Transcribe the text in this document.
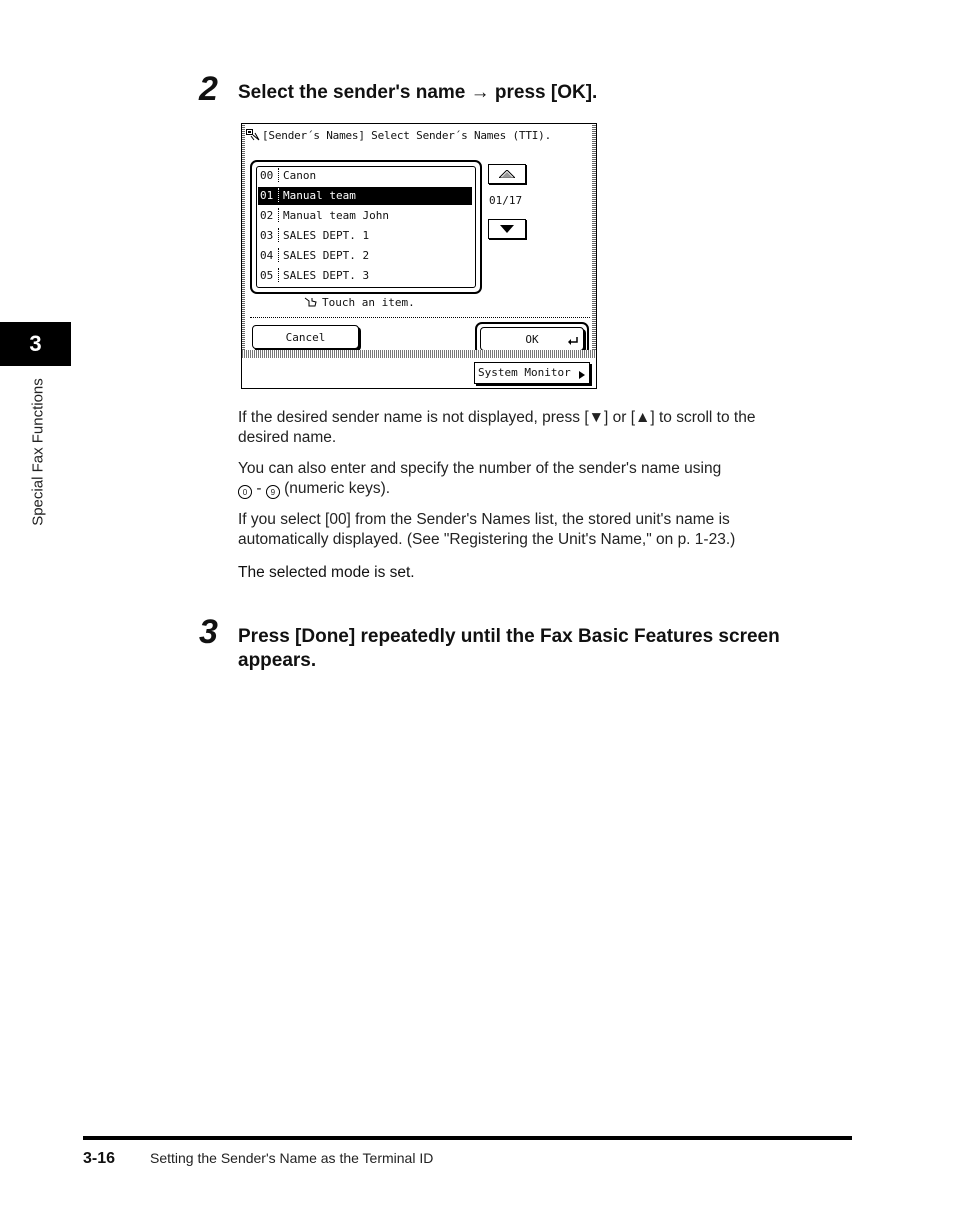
3
Special Fax Functions
2 Select the sender's name → press [OK].
[Sender´s Names] Select Sender´s Names (TTI).
00 Canon
01 Manual team
02 Manual team John
03 SALES DEPT. 1
04 SALES DEPT. 2
05 SALES DEPT. 3
01/17
Touch an item.
Cancel	OK
System Monitor
If the desired sender name is not displayed, press [▼] or [▲] to scroll to the
desired name.
You can also enter and specify the number of the sender's name using
0 - 9 (numeric keys).
If you select [00] from the Sender's Names list, the stored unit's name is
automatically displayed. (See "Registering the Unit's Name," on p. 1-23.)
The selected mode is set.
3 Press [Done] repeatedly until the Fax Basic Features screen
appears.
3-16 Setting the Sender's Name as the Terminal ID
